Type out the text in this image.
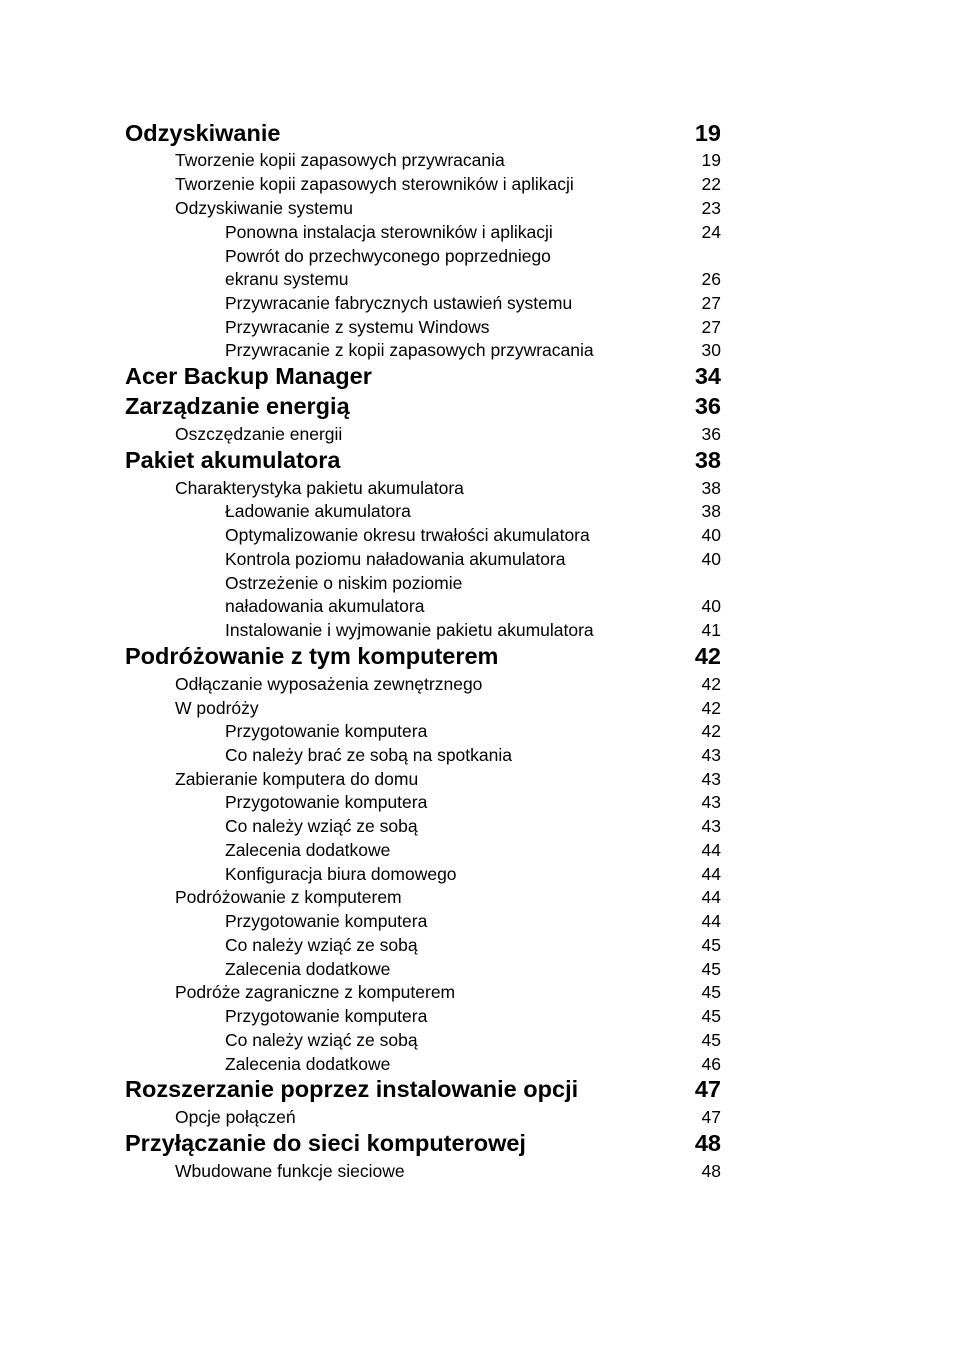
Odzyskiwanie	19
Tworzenie kopii zapasowych przywracania	19
Tworzenie kopii zapasowych sterowników i aplikacji	22
Odzyskiwanie systemu	23
Ponowna instalacja sterowników i aplikacji	24
Powrót do przechwyconego poprzedniego
ekranu systemu	26
Przywracanie fabrycznych ustawień systemu	27
Przywracanie z systemu Windows	27
Przywracanie z kopii zapasowych przywracania	30
Acer Backup Manager	34
Zarządzanie energią	36
Oszczędzanie energii	36
Pakiet akumulatora	38
Charakterystyka pakietu akumulatora	38
Ładowanie akumulatora	38
Optymalizowanie okresu trwałości akumulatora	40
Kontrola poziomu naładowania akumulatora	40
Ostrzeżenie o niskim poziomie
naładowania akumulatora	40
Instalowanie i wyjmowanie pakietu akumulatora	41
Podróżowanie z tym komputerem	42
Odłączanie wyposażenia zewnętrznego	42
W podróży	42
Przygotowanie komputera	42
Co należy brać ze sobą na spotkania	43
Zabieranie komputera do domu	43
Przygotowanie komputera	43
Co należy wziąć ze sobą	43
Zalecenia dodatkowe	44
Konfiguracja biura domowego	44
Podróżowanie z komputerem	44
Przygotowanie komputera	44
Co należy wziąć ze sobą	45
Zalecenia dodatkowe	45
Podróże zagraniczne z komputerem	45
Przygotowanie komputera	45
Co należy wziąć ze sobą	45
Zalecenia dodatkowe	46
Rozszerzanie poprzez instalowanie opcji	47
Opcje połączeń	47
Przyłączanie do sieci komputerowej	48
Wbudowane funkcje sieciowe	48
